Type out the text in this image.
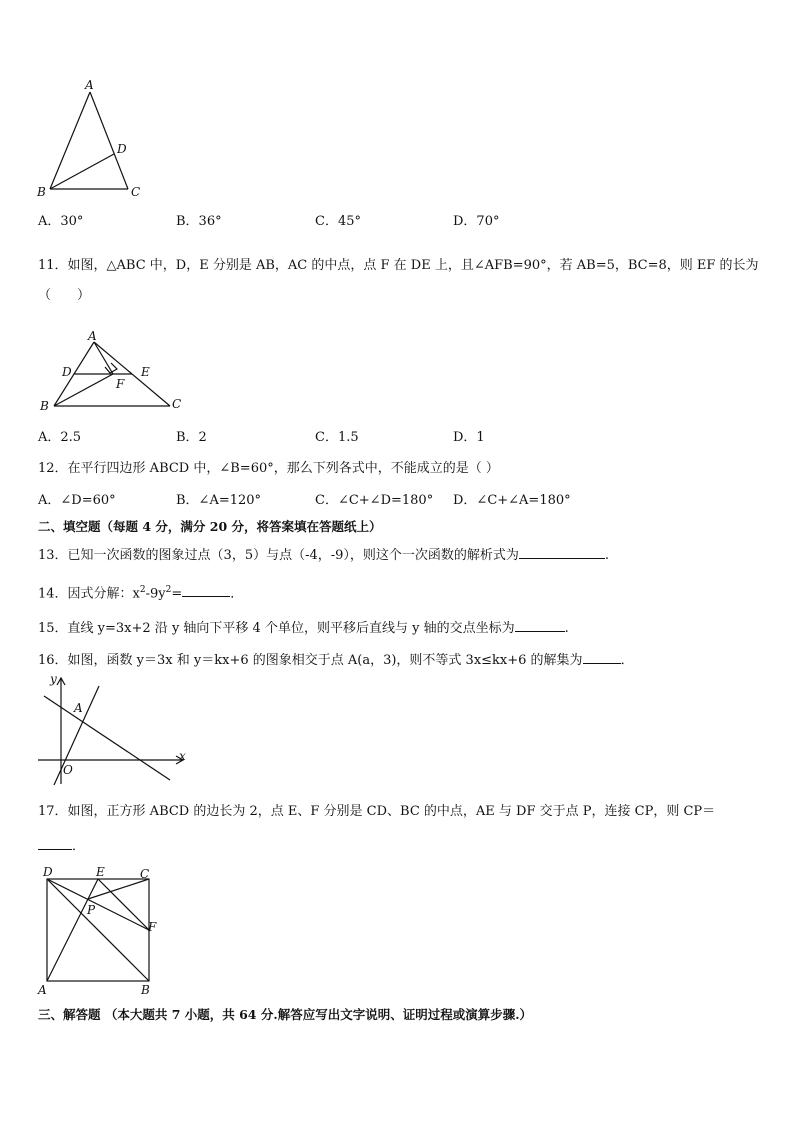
A
B	C
D
A．30°	B．36°	C．45°	D．70°
11．如图，△ABC 中，D，E 分别是 AB，AC 的中点，点 F 在 DE 上，且∠AFB=90°，若 AB=5，BC=8，则 EF 的长为
（　　）
A
D	E
F
B	C
A．2.5	B．2	C．1.5	D．1
12．在平行四边形 ABCD 中，∠B=60°，那么下列各式中，不能成立的是（ ）
A．∠D=60°	B．∠A=120°	C．∠C+∠D=180° D．∠C+∠A=180°
二、填空题（每题 4 分，满分 20 分，将答案填在答题纸上）
13．已知一次函数的图象过点（3，5）与点（-4，-9），则这个一次函数的解析式为	.
14．因式分解：$x^2-9y^2=$	．
15．直线 y=3x+2 沿 y 轴向下平移 4 个单位，则平移后直线与 y 轴的交点坐标为	.
16．如图，函数 y＝3x 和 y＝kx+6 的图象相交于点 A(a，3)，则不等式 3x≤kx+6 的解集为	．
y
x
A
O
17．如图，正方形 ABCD 的边长为 2，点 E、F 分别是 CD、BC 的中点，AE 与 DF 交于点 P，连接 CP，则 CP＝
．
D	E	C
P
F
A	B
三、解答题 （本大题共 7 小题，共 64 分.解答应写出文字说明、证明过程或演算步骤.）
